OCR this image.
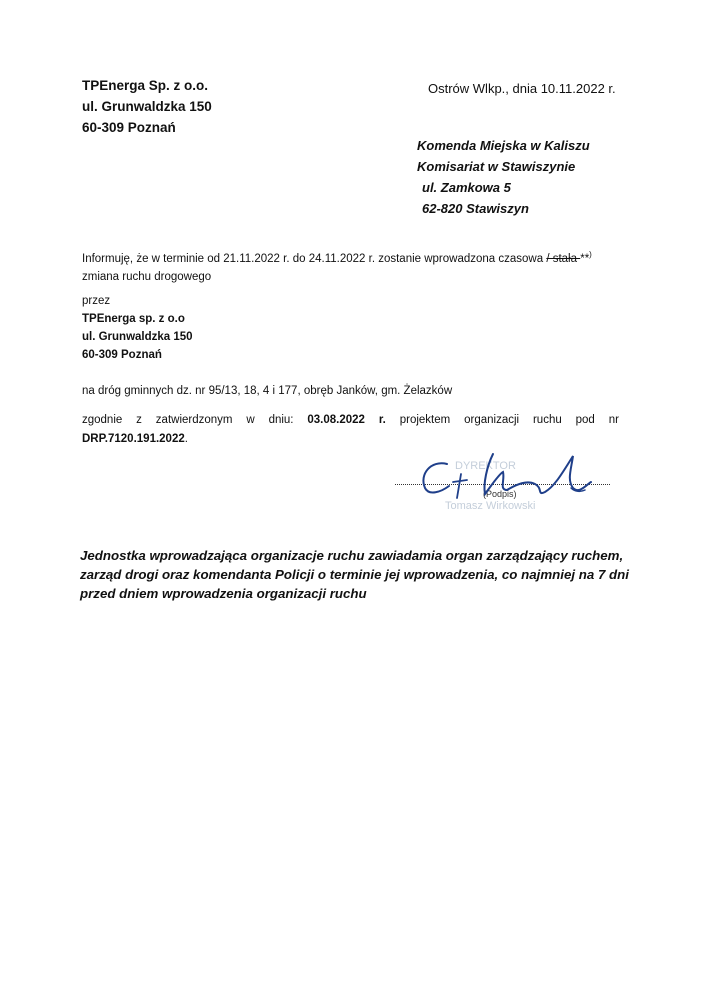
TPEnerga Sp. z o.o.
ul. Grunwaldzka 150
60-309 Poznań
Ostrów Wlkp., dnia 10.11.2022 r.
Komenda Miejska w Kaliszu
Komisariat w Stawiszynie
ul. Zamkowa 5
62-820 Stawiszyn
Informuję, że w terminie od 21.11.2022 r. do 24.11.2022 r. zostanie wprowadzona czasowa / stała **)
zmiana ruchu drogowego
przez
TPEnerga sp. z o.o
ul. Grunwaldzka 150
60-309 Poznań
na dróg gminnych dz. nr 95/13, 18, 4 i 177, obręb Janków, gm. Żelazków
zgodnie z zatwierdzonym w dniu: 03.08.2022 r. projektem organizacji ruchu pod nr
DRP.7120.191.2022.
DYREKTOR
Tomasz Wirkowski
(Podpis)
Jednostka wprowadzająca organizacje ruchu zawiadamia organ zarządzający ruchem,
zarząd drogi oraz komendanta Policji o terminie jej wprowadzenia, co najmniej na 7 dni
przed dniem wprowadzenia organizacji ruchu
